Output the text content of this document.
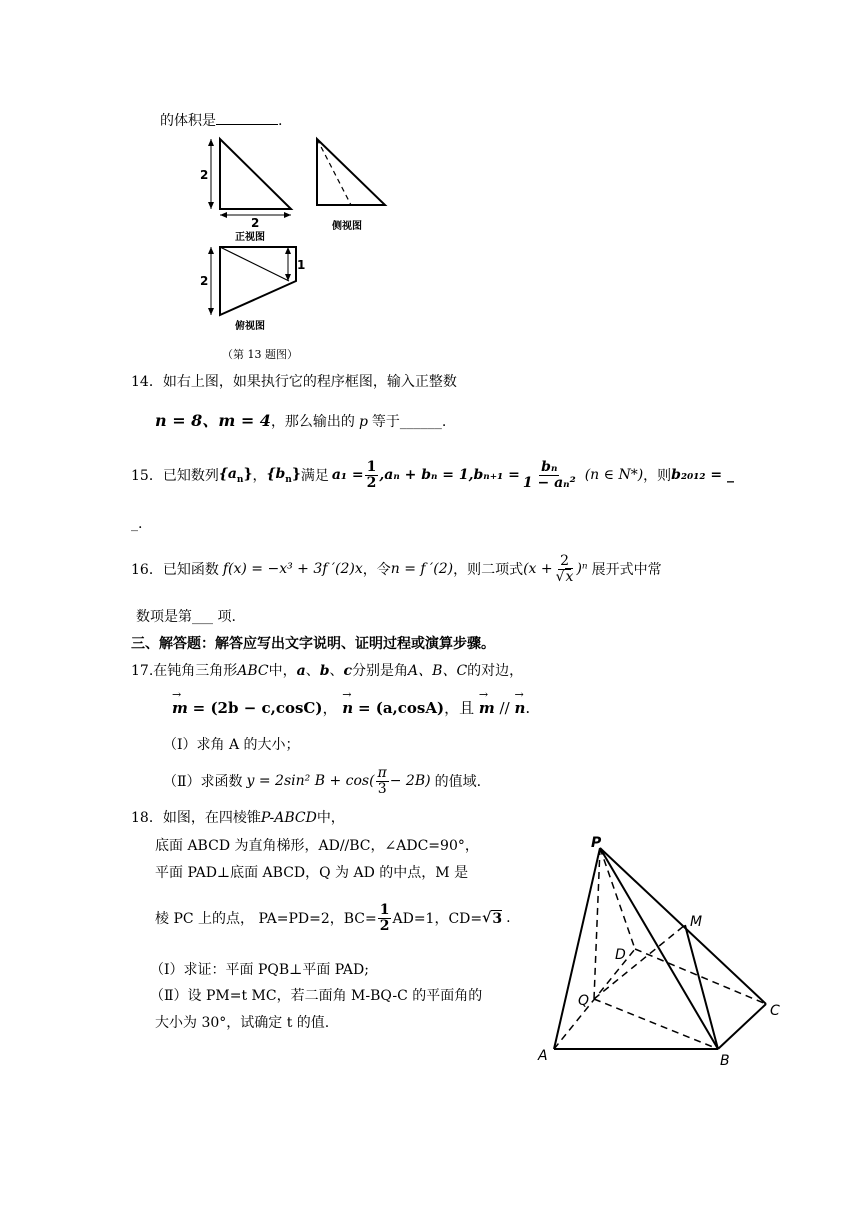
的体积是	.
2
2
正视图
侧视图
2
1
俯视图
（第 13 题图）
14．如右上图，如果执行它的程序框图，输入正整数
n = 8、m = 4，那么输出的 p 等于______.
15． 已知数列 $\{a_n\}$ ， $\{b_n\}$ 满足 $a_1 = \frac{1}{2} ,a_n + b_n = 1,b_{n+1} = \frac{\text{bₙ}}{\text{1 − aₙ²}} (n$ ∈ N*) ，则 b₂₀₁₂ = _
_.
16．已知函数 f(x) = −x³ + 3f ′(2)x ，令 n = f ′(2) ，则二项式 $(x + \frac{2}{√x} )^n$ 展开式中常
数项是第___ 项.
三、解答题：解答应写出文字说明、证明过程或演算步骤。
17.在钝角三角形ABC中，a、b、c分别是角A、B、C的对边，
→ m = (2b − c,cosC)， → n = (a,cosA)，且 → m // → n.
（Ⅰ）求角 A 的大小；
（Ⅱ）求函数 y = 2sin² $B + \cos( \frac{\pi}{3} - 2B)$ 的值域.
18．如图，在四棱锥P-ABCD中，
底面 ABCD 为直角梯形，AD//BC，∠ADC=90°，
平面 PAD⊥底面 ABCD，Q 为 AD 的中点，M 是
棱 PC 上的点， PA=PD=2，$BC= \frac{1}{2} AD=1$，CD= √ 3 .
（Ⅰ）求证：平面 PQB⊥平面 PAD;
（Ⅱ）设 PM=t MC，若二面角 M-BQ-C 的平面角的
大小为 30°，试确定 t 的值.
P
M
D
Q
C
A	B
